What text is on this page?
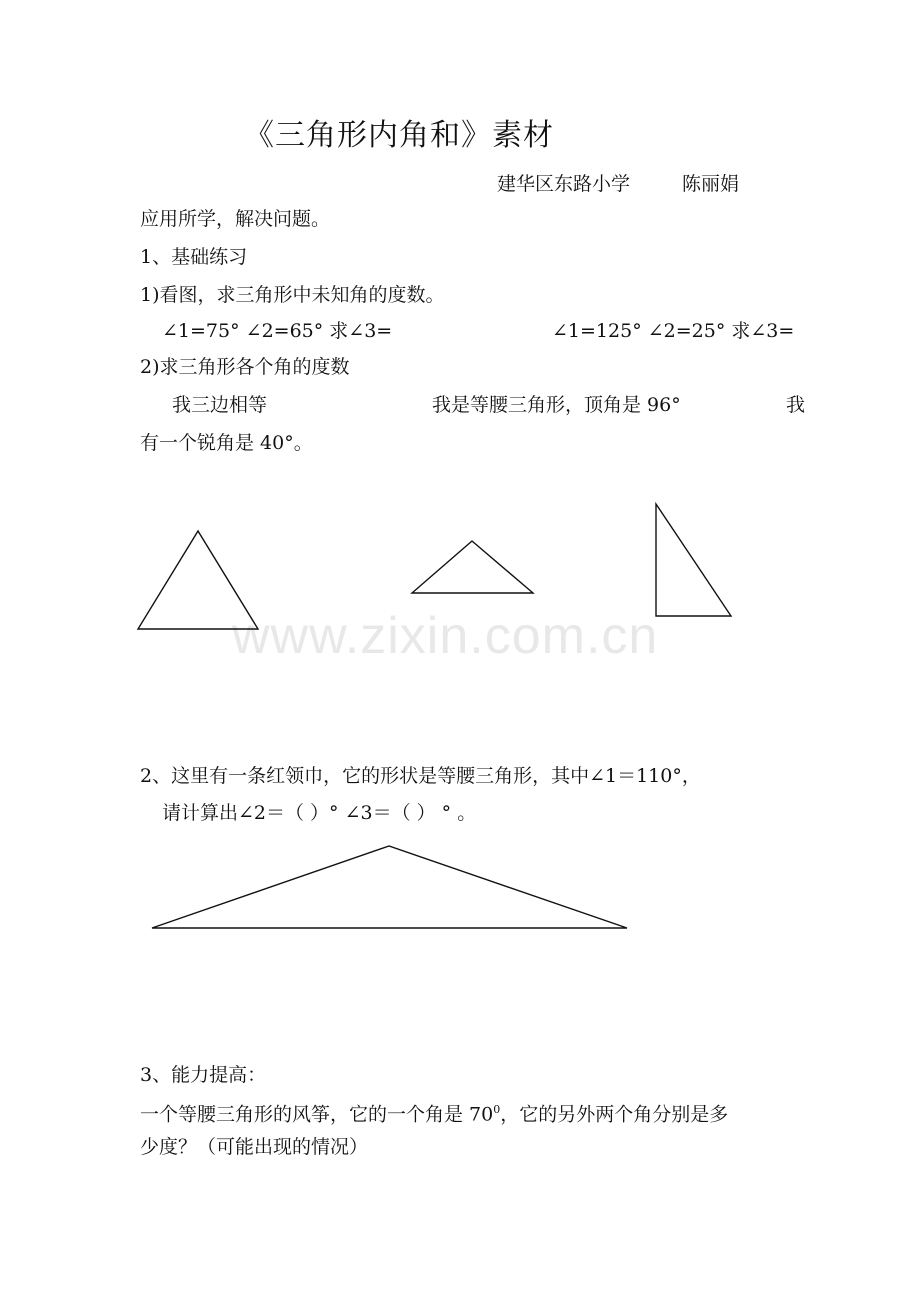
www.zixin.com.cn
《三角形内角和》素材
建华区东路小学	陈丽娟
应用所学，解决问题。
1、基础练习
1)看图，求三角形中未知角的度数。
∠1=75° ∠2=65° 求∠3=	∠1=125° ∠2=25° 求∠3=
2)求三角形各个角的度数
我三边相等	我是等腰三角形，顶角是 96°	我
有一个锐角是 40°。
2、这里有一条红领巾，它的形状是等腰三角形，其中∠1＝110°，
请计算出∠2＝（ ）° ∠3＝（ ） ° 。
3、能力提高：
一个等腰三角形的风筝，它的一个角是 $70^0$，它的另外两个角分别是多
少度？（可能出现的情况）
